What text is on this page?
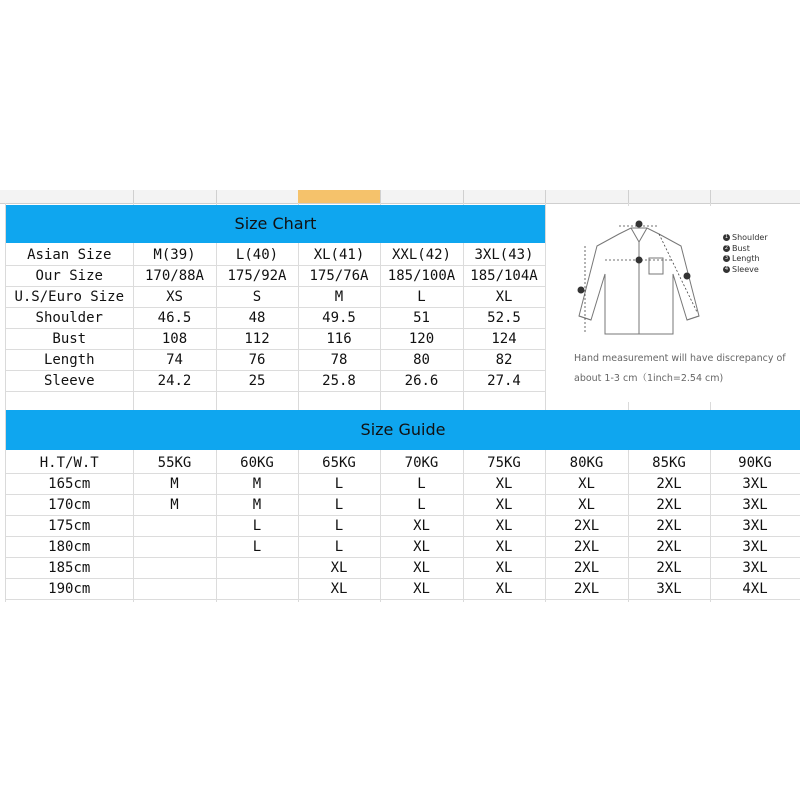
Size Chart
Asian Size	M(39)	L(40)	XL(41)	XXL(42)	3XL(43)
Our Size	170/88A	175/92A	175/76A	185/100A	185/104A
U.S/Euro Size	XS	S	M	L	XL
Shoulder	46.5	48	49.5	51	52.5
Bust	108	112	116	120	124
Length	74	76	78	80	82
Sleeve	24.2	25	25.8	26.6	27.4
1 Shoulder
2 Bust
3 Length
4 Sleeve
Hand measurement will have discrepancy of
about 1-3 cm（1inch=2.54 cm)
Size Guide
H.T/W.T	55KG	60KG	65KG	70KG	75KG	80KG	85KG	90KG
165cm	M	M	L	L	XL	XL	2XL	3XL
170cm	M	M	L	L	XL	XL	2XL	3XL
175cm		L	L	XL	XL	2XL	2XL	3XL
180cm		L	L	XL	XL	2XL	2XL	3XL
185cm			XL	XL	XL	2XL	2XL	3XL
190cm			XL	XL	XL	2XL	3XL	4XL
